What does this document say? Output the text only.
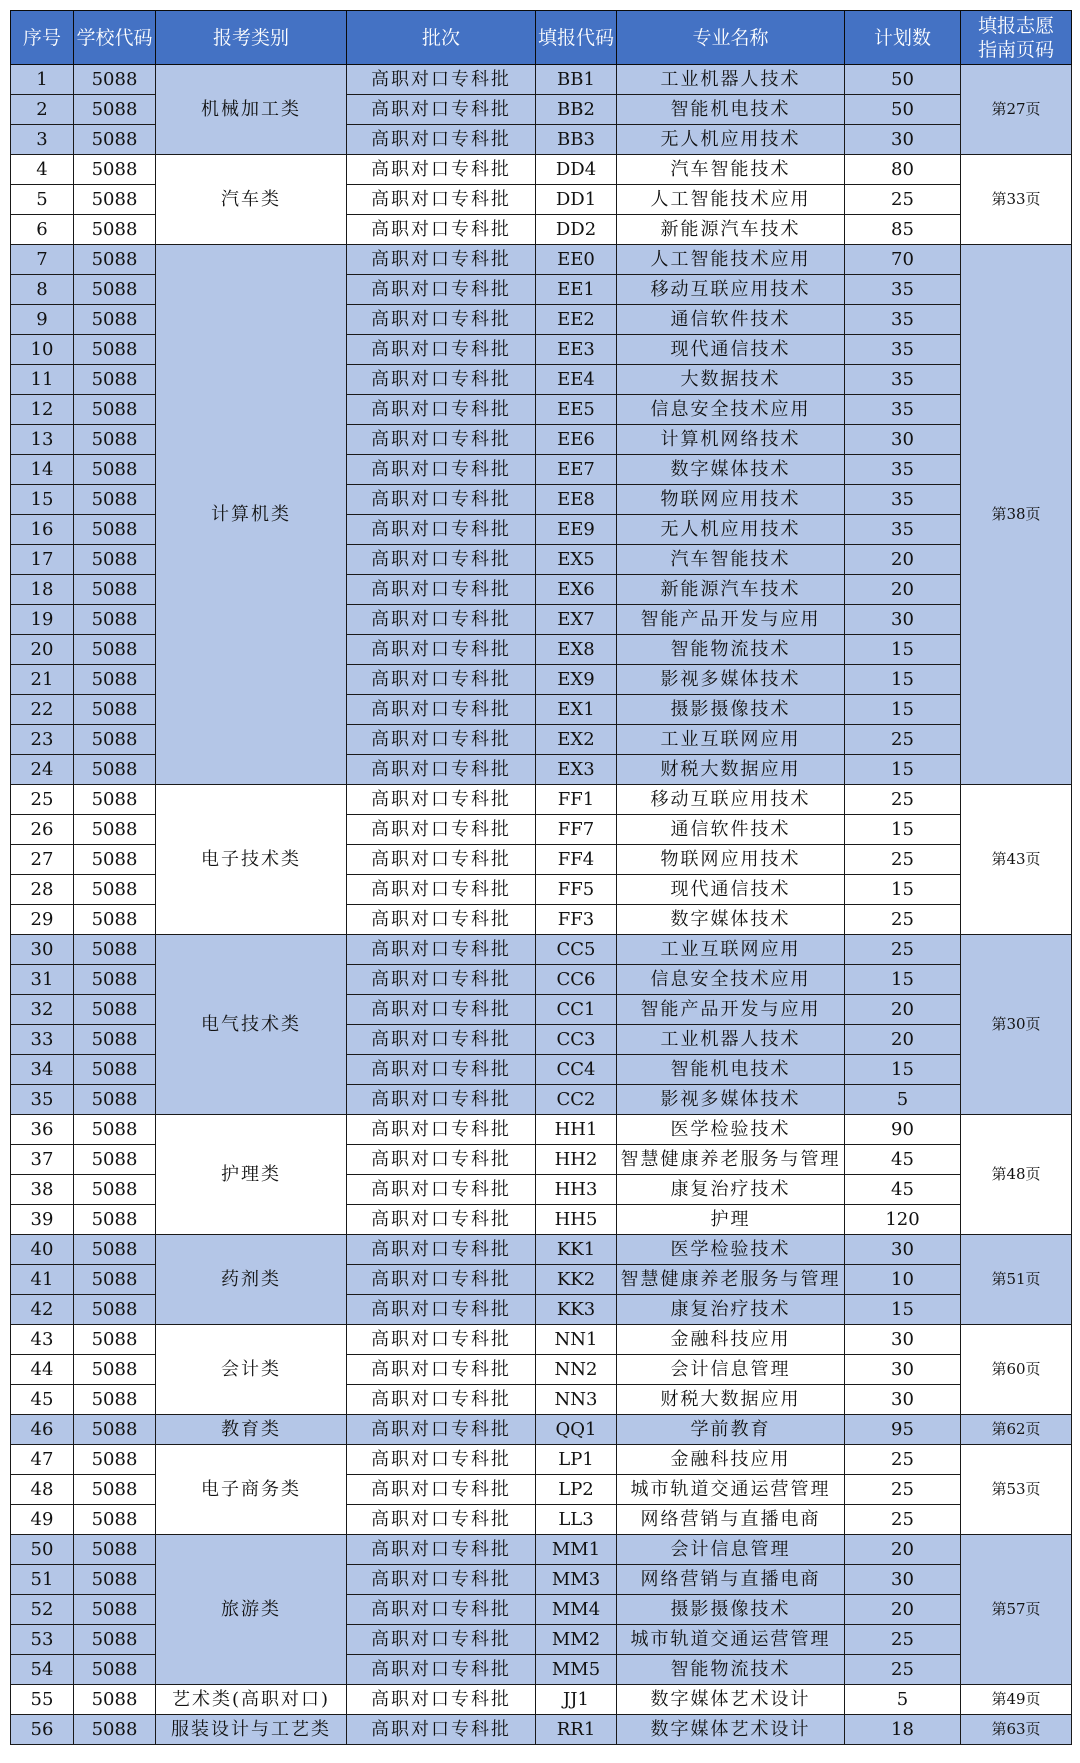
序号	学校代码	报考类别	批次	填报代码	专业名称	计划数	填报志愿
指南页码
1	5088	机械加工类	高职对口专科批	BB1	工业机器人技术	50	第27页
2	5088		高职对口专科批	BB2	智能机电技术	50	
3	5088		高职对口专科批	BB3	无人机应用技术	30	
4	5088	汽车类	高职对口专科批	DD4	汽车智能技术	80	第33页
5	5088		高职对口专科批	DD1	人工智能技术应用	25	
6	5088		高职对口专科批	DD2	新能源汽车技术	85	
7	5088	计算机类	高职对口专科批	EE0	人工智能技术应用	70	第38页
8	5088		高职对口专科批	EE1	移动互联应用技术	35	
9	5088		高职对口专科批	EE2	通信软件技术	35	
10	5088		高职对口专科批	EE3	现代通信技术	35	
11	5088		高职对口专科批	EE4	大数据技术	35	
12	5088		高职对口专科批	EE5	信息安全技术应用	35	
13	5088		高职对口专科批	EE6	计算机网络技术	30	
14	5088		高职对口专科批	EE7	数字媒体技术	35	
15	5088		高职对口专科批	EE8	物联网应用技术	35	
16	5088		高职对口专科批	EE9	无人机应用技术	35	
17	5088		高职对口专科批	EX5	汽车智能技术	20	
18	5088		高职对口专科批	EX6	新能源汽车技术	20	
19	5088		高职对口专科批	EX7	智能产品开发与应用	30	
20	5088		高职对口专科批	EX8	智能物流技术	15	
21	5088		高职对口专科批	EX9	影视多媒体技术	15	
22	5088		高职对口专科批	EX1	摄影摄像技术	15	
23	5088		高职对口专科批	EX2	工业互联网应用	25	
24	5088		高职对口专科批	EX3	财税大数据应用	15	
25	5088	电子技术类	高职对口专科批	FF1	移动互联应用技术	25	第43页
26	5088		高职对口专科批	FF7	通信软件技术	15	
27	5088		高职对口专科批	FF4	物联网应用技术	25	
28	5088		高职对口专科批	FF5	现代通信技术	15	
29	5088		高职对口专科批	FF3	数字媒体技术	25	
30	5088	电气技术类	高职对口专科批	CC5	工业互联网应用	25	第30页
31	5088		高职对口专科批	CC6	信息安全技术应用	15	
32	5088		高职对口专科批	CC1	智能产品开发与应用	20	
33	5088		高职对口专科批	CC3	工业机器人技术	20	
34	5088		高职对口专科批	CC4	智能机电技术	15	
35	5088		高职对口专科批	CC2	影视多媒体技术	5	
36	5088	护理类	高职对口专科批	HH1	医学检验技术	90	第48页
37	5088		高职对口专科批	HH2	智慧健康养老服务与管理	45	
38	5088		高职对口专科批	HH3	康复治疗技术	45	
39	5088		高职对口专科批	HH5	护理	120	
40	5088	药剂类	高职对口专科批	KK1	医学检验技术	30	第51页
41	5088		高职对口专科批	KK2	智慧健康养老服务与管理	10	
42	5088		高职对口专科批	KK3	康复治疗技术	15	
43	5088	会计类	高职对口专科批	NN1	金融科技应用	30	第60页
44	5088		高职对口专科批	NN2	会计信息管理	30	
45	5088		高职对口专科批	NN3	财税大数据应用	30	
46	5088	教育类	高职对口专科批	QQ1	学前教育	95	第62页
47	5088	电子商务类	高职对口专科批	LP1	金融科技应用	25	第53页
48	5088		高职对口专科批	LP2	城市轨道交通运营管理	25	
49	5088		高职对口专科批	LL3	网络营销与直播电商	25	
50	5088	旅游类	高职对口专科批	MM1	会计信息管理	20	第57页
51	5088		高职对口专科批	MM3	网络营销与直播电商	30	
52	5088		高职对口专科批	MM4	摄影摄像技术	20	
53	5088		高职对口专科批	MM2	城市轨道交通运营管理	25	
54	5088		高职对口专科批	MM5	智能物流技术	25	
55	5088	艺术类(高职对口)	高职对口专科批	JJ1	数字媒体艺术设计	5	第49页
56	5088	服装设计与工艺类	高职对口专科批	RR1	数字媒体艺术设计	18	第63页
